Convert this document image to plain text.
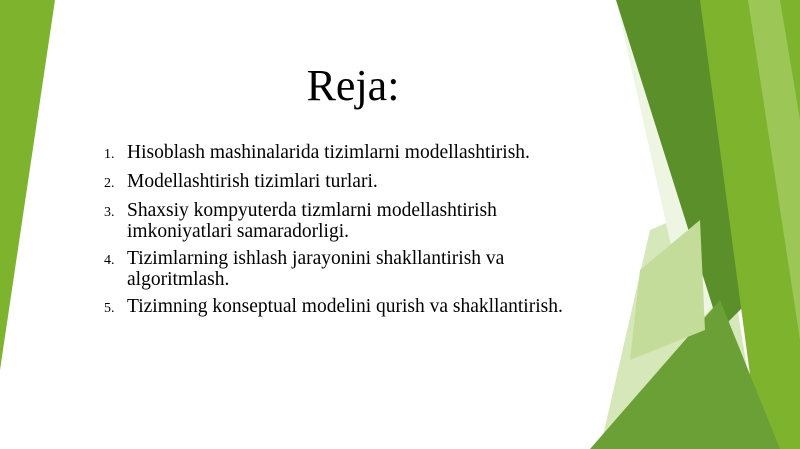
Reja:
1. Hisoblash mashinalarida tizimlarni modellashtirish.
2. Modellashtirish tizimlari turlari.
3. Shaxsiy kompyuterda tizmlarni modellashtirish imkoniyatlari samaradorligi.
4. Tizimlarning ishlash jarayonini shakllantirish va algoritmlash.
5. Tizimning konseptual modelini qurish va shakllantirish.
